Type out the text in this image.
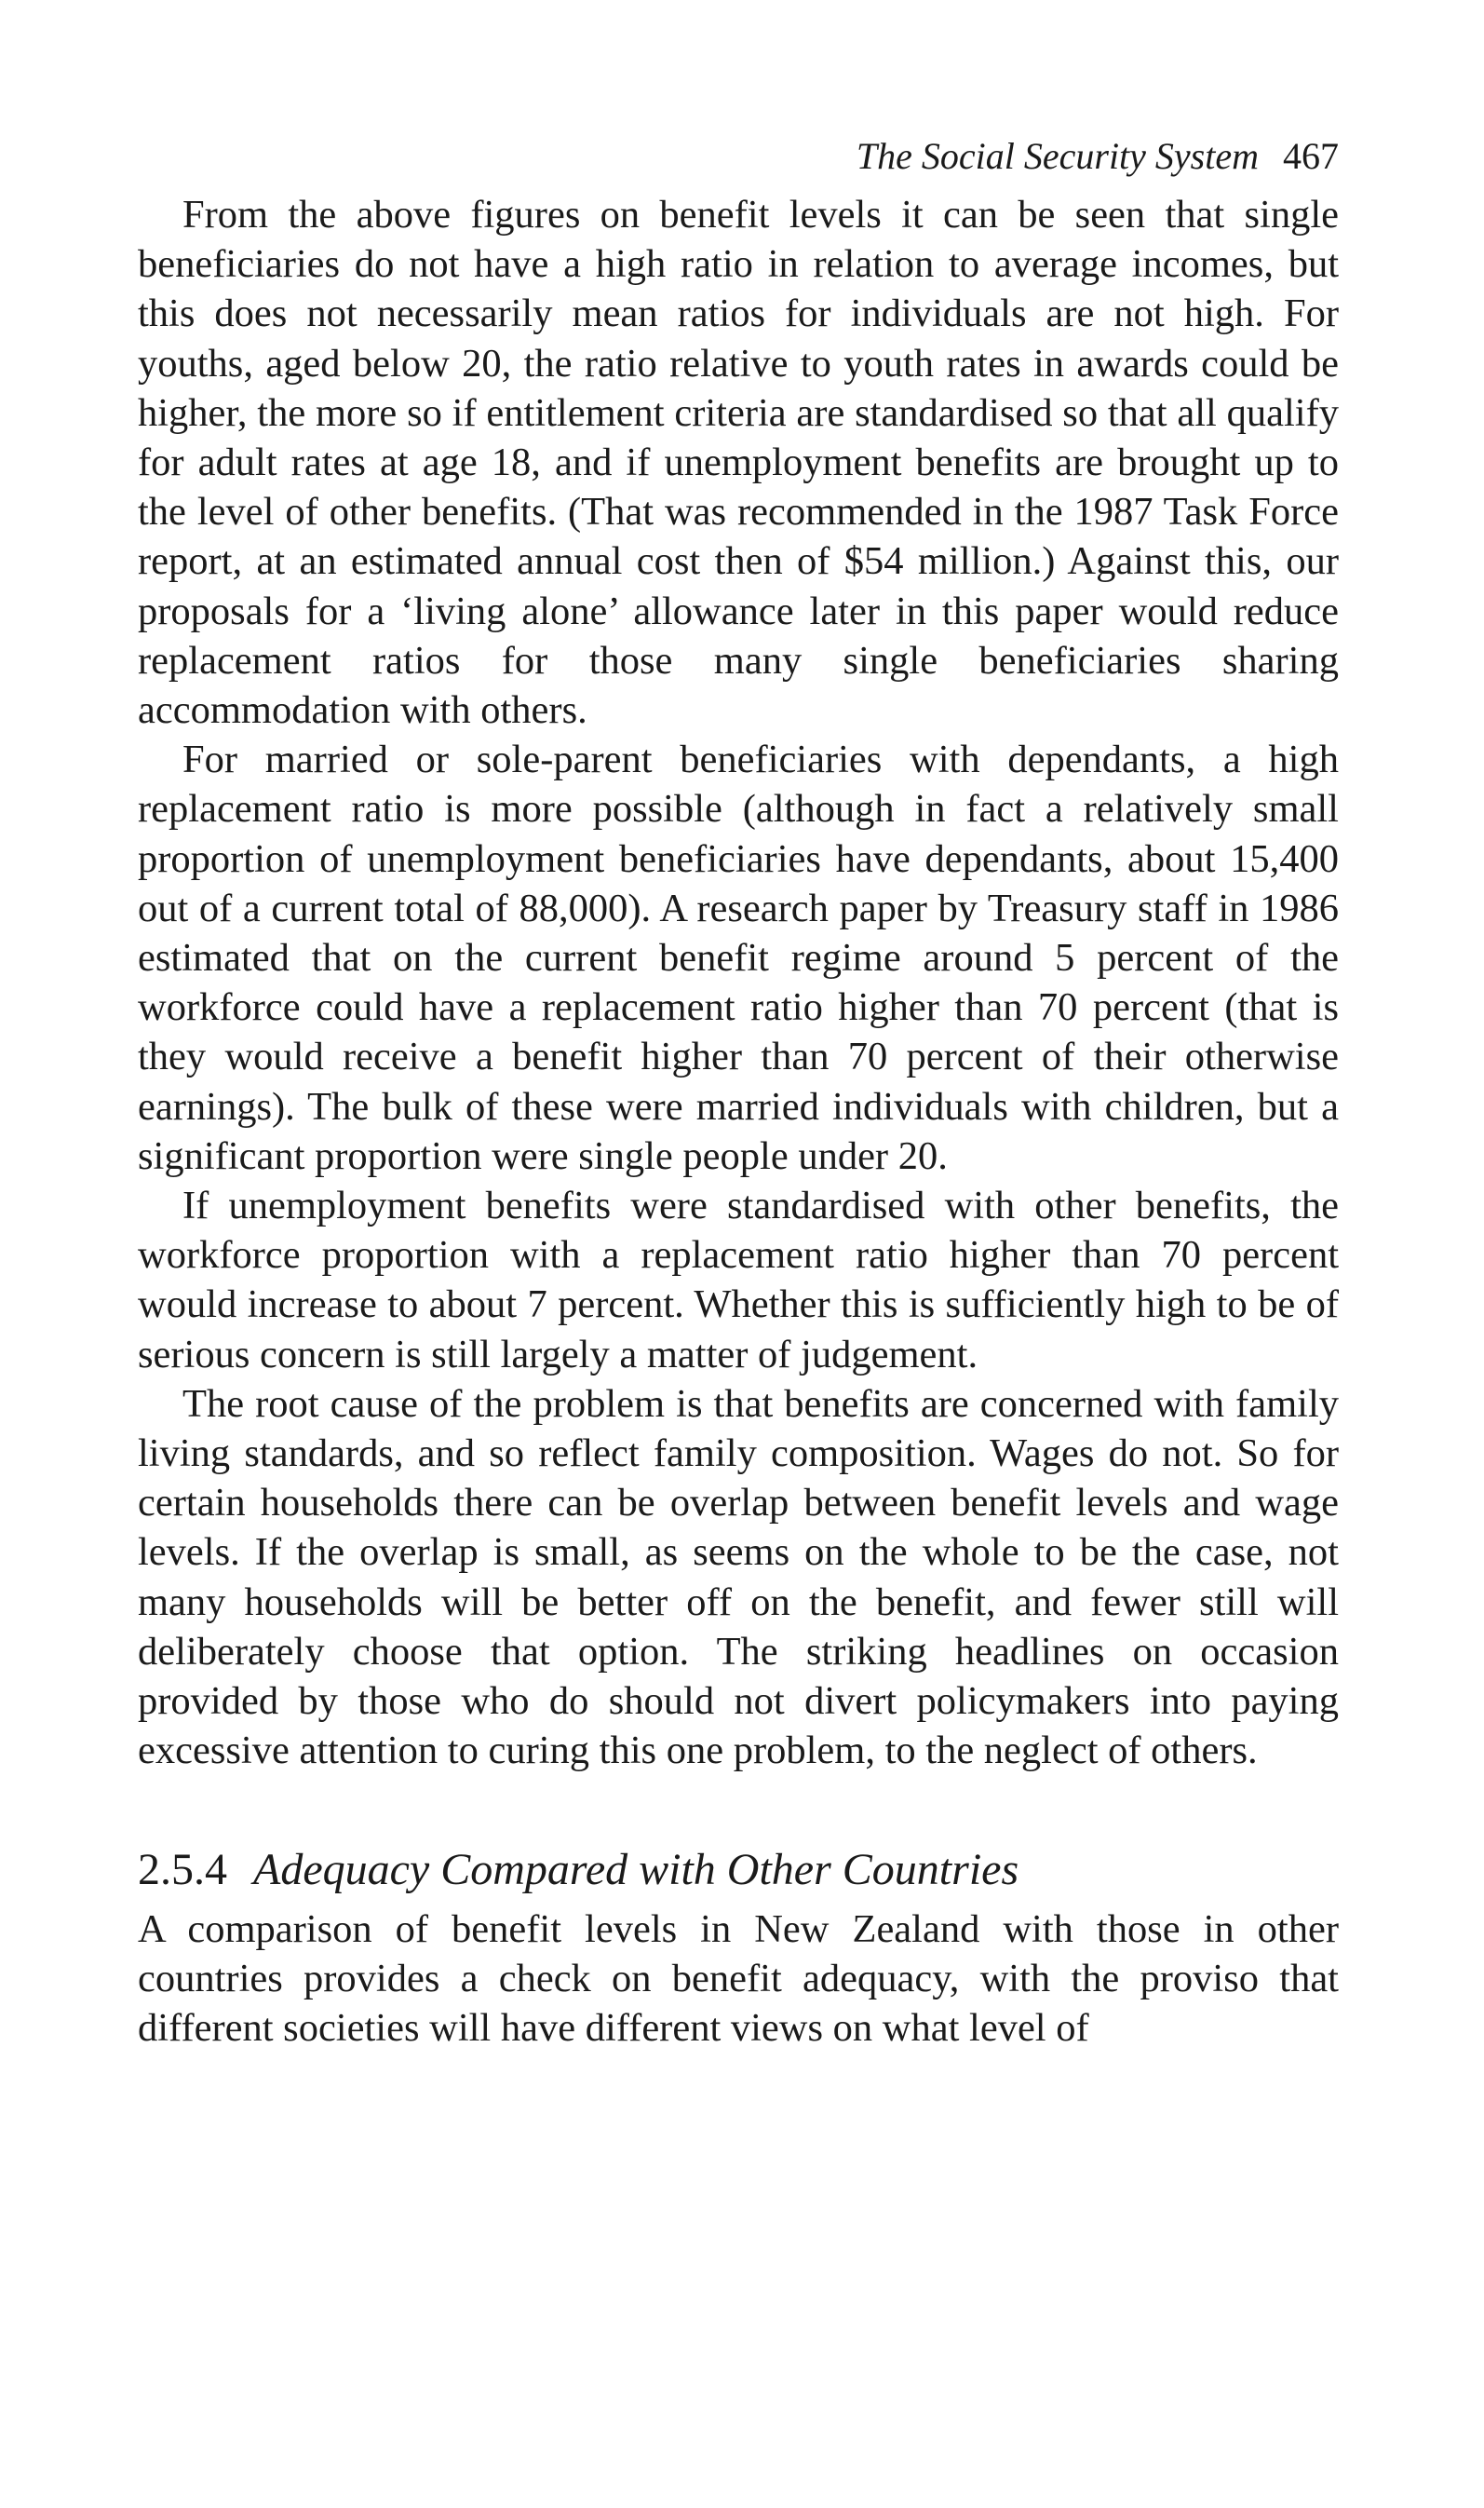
The Social Security System 467

From the above figures on benefit levels it can be seen that single beneficiaries do not have a high ratio in relation to average incomes, but this does not necessarily mean ratios for individuals are not high. For youths, aged below 20, the ratio relative to youth rates in awards could be higher, the more so if entitlement criteria are standardised so that all qualify for adult rates at age 18, and if unemployment benefits are brought up to the level of other benefits. (That was recommended in the 1987 Task Force report, at an estimated annual cost then of $54 million.) Against this, our proposals for a ‘living alone’ allowance later in this paper would reduce replacement ratios for those many single beneficiaries sharing accommodation with others.

For married or sole-parent beneficiaries with dependants, a high replacement ratio is more possible (although in fact a relatively small proportion of unemployment beneficiaries have dependants, about 15,400 out of a current total of 88,000). A research paper by Treasury staff in 1986 estimated that on the current benefit regime around 5 percent of the workforce could have a replacement ratio higher than 70 percent (that is they would receive a benefit higher than 70 percent of their otherwise earnings). The bulk of these were married individuals with children, but a significant proportion were single people under 20.

If unemployment benefits were standardised with other benefits, the workforce proportion with a replacement ratio higher than 70 percent would increase to about 7 percent. Whether this is sufficiently high to be of serious concern is still largely a matter of judgement.

The root cause of the problem is that benefits are concerned with family living standards, and so reflect family composition. Wages do not. So for certain households there can be overlap between benefit levels and wage levels. If the overlap is small, as seems on the whole to be the case, not many households will be better off on the benefit, and fewer still will deliberately choose that option. The striking headlines on occasion provided by those who do should not divert policymakers into paying excessive attention to curing this one problem, to the neglect of others.

2.5.4 Adequacy Compared with Other Countries

A comparison of benefit levels in New Zealand with those in other countries provides a check on benefit adequacy, with the proviso that different societies will have different views on what level of
